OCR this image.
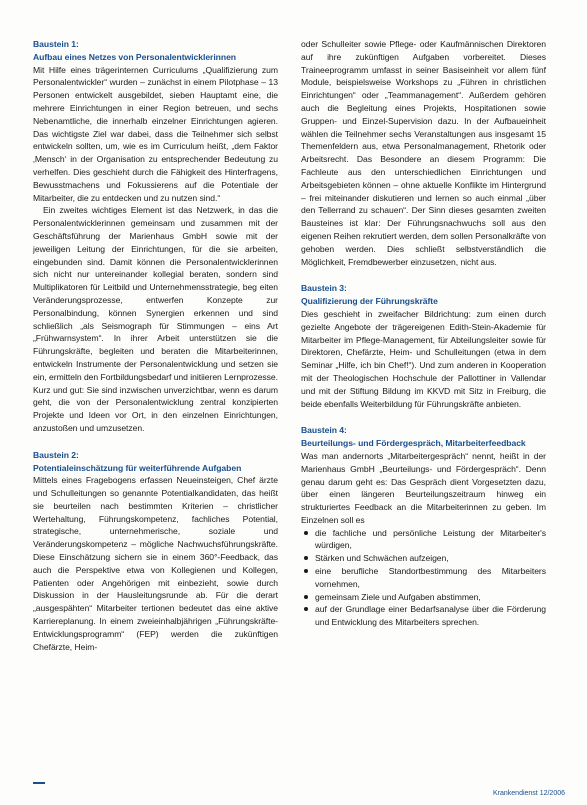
Baustein 1:

Aufbau eines Netzes von Personalentwicklerinnen

Mit Hilfe eines trägerinternen Curriculums „Qualifizierung zum Personalentwickler“ wurden – zunächst in einem Pilotphase – 13 Personen entwickelt ausgebildet, sieben Hauptamt eine, die mehrere Einrichtungen in einer Region betreuen, und sechs Nebenamtliche, die innerhalb einzelner Einrichtungen agieren. Das wichtigste Ziel war dabei, dass die Teilnehmer sich selbst entwickeln sollten, um, wie es im Curriculum heißt, „dem Faktor ‚Mensch‘ in der Organisation zu entsprechender Bedeutung zu verhelfen. Dies geschieht durch die Fähigkeit des Hinterfragens, Bewusstmachens und Fokussierens auf die Potentiale der Mitarbeiter, die zu entdecken und zu nutzen sind.“

Ein zweites wichtiges Element ist das Netzwerk, in das die Personalentwicklerinnen gemeinsam und zusammen mit der Geschäftsführung der Marienhaus GmbH sowie mit der jeweiligen Leitung der Einrichtungen, für die sie arbeiten, eingebunden sind. Damit können die Personalentwicklerinnen sich nicht nur untereinander kollegial beraten, sondern sind Multiplikatoren für Leitbild und Unternehmensstrategie, beg eiten Veränderungsprozesse, entwerfen Konzepte zur Personalbindung, können Synergien erkennen und sind schließlich „als Seismograph für Stimmungen – eins Art „Frühwarnsystem“. In ihrer Arbeit unterstützen sie die Führungskräfte, begleiten und beraten die Mitarbeiterinnen, entwickeln Instrumente der Personalentwicklung und setzen sie ein, ermitteln den Fortbildungsbedarf und initiieren Lernprozesse. Kurz und gut: Sie sind inzwischen unverzichtbar, wenn es darum geht, die von der Personalentwicklung zentral konzipierten Projekte und Ideen vor Ort, in den einzelnen Einrichtungen, anzustoßen und umzusetzen.

Baustein 2:

Potentialeinschätzung für weiterführende Aufgaben

Mittels eines Fragebogens erfassen Neueinsteigen, Chef ärzte und Schulleitungen so genannte Potentialkandidaten, das heißt sie beurteilen nach bestimmten Kriterien – christlicher Wertehaltung, Führungskompetenz, fachliches Potential, strategische, unternehmerische, soziale und Veränderungskompetenz – mögliche Nachwuchsführungskräfte. Diese Einschätzung sichern sie in einem 360°-Feedback, das auch die Perspektive etwa von Kollegienen und Kollegen, Patienten oder Angehörigen mit einbezieht, sowie durch Diskussion in der Hausleitungsrunde ab. Für die derart „ausgespähten“ Mitarbeiter tertionen bedeutet das eine aktive Karriereplanung. In einem zweieinhalbjährigen „Führungskräfte-Entwicklungsprogramm“ (FEP) werden die zukünftigen Chefärzte, Heim-

oder Schulleiter sowie Pflege- oder Kaufmännischen Direktoren auf ihre zukünftigen Aufgaben vorbereitet. Dieses Traineeprogramm umfasst in seiner Basiseinheit vor allem fünf Module, beispielsweise Workshops zu „Führen in christlichen Einrichtungen“ oder „Teammanagement“. Außerdem gehören auch die Begleitung eines Projekts, Hospitationen sowie Gruppen- und Einzel-Supervision dazu. In der Aufbaueinheit wählen die Teilnehmer sechs Veranstaltungen aus insgesamt 15 Themenfeldern aus, etwa Personalmanagement, Rhetorik oder Arbeitsrecht. Das Besondere an diesem Programm: Die Fachleute aus den unterschiedlichen Einrichtungen und Arbeitsgebieten können – ohne aktuelle Konflikte im Hintergrund – frei miteinander diskutieren und lernen so auch einmal „über den Tellerrand zu schauen“. Der Sinn dieses gesamten zweiten Bausteines ist klar: Der Führungsnachwuchs soll aus den eigenen Reihen rekrutiert werden, dem sollen Personalkräfte von gehoben werden. Dies schließt selbstverständlich die Möglichkeit, Fremdbewerber einzusetzen, nicht aus.

Baustein 3:

Qualifizierung der Führungskräfte

Dies geschieht in zweifacher Bildrichtung: zum einen durch gezielte Angebote der trägereigenen Edith-Stein-Akademie für Mitarbeiter im Pflege-Management, für Abteilungsleiter sowie für Direktoren, Chefärzte, Heim- und Schulleitungen (etwa in dem Seminar „Hilfe, ich bin Chef!“). Und zum anderen in Kooperation mit der Theologischen Hochschule der Pallottiner in Vallendar und mit der Stiftung Bildung im KKVD mit Sitz in Freiburg, die beide ebenfalls Weiterbildung für Führungskräfte anbieten.

Baustein 4:

Beurteilungs- und Fördergespräch, Mitarbeiterfeedback

Was man andernorts „Mitarbeitergespräch“ nennt, heißt in der Marienhaus GmbH „Beurteilungs- und Fördergespräch“. Denn genau darum geht es: Das Gespräch dient Vorgesetzten dazu, über einen längeren Beurteilungszeitraum hinweg ein strukturiertes Feedback an die Mitarbeiterinnen zu geben. Im Einzelnen soll es

die fachliche und persönliche Leistung der Mitarbeiter's würdigen,
Stärken und Schwächen aufzeigen,
eine berufliche Standortbestimmung des Mitarbeiters vornehmen,
gemeinsam Ziele und Aufgaben abstimmen,
auf der Grundlage einer Bedarfsanalyse über die Förderung und Entwicklung des Mitarbeiters sprechen.
Krankendienst 12/2006
